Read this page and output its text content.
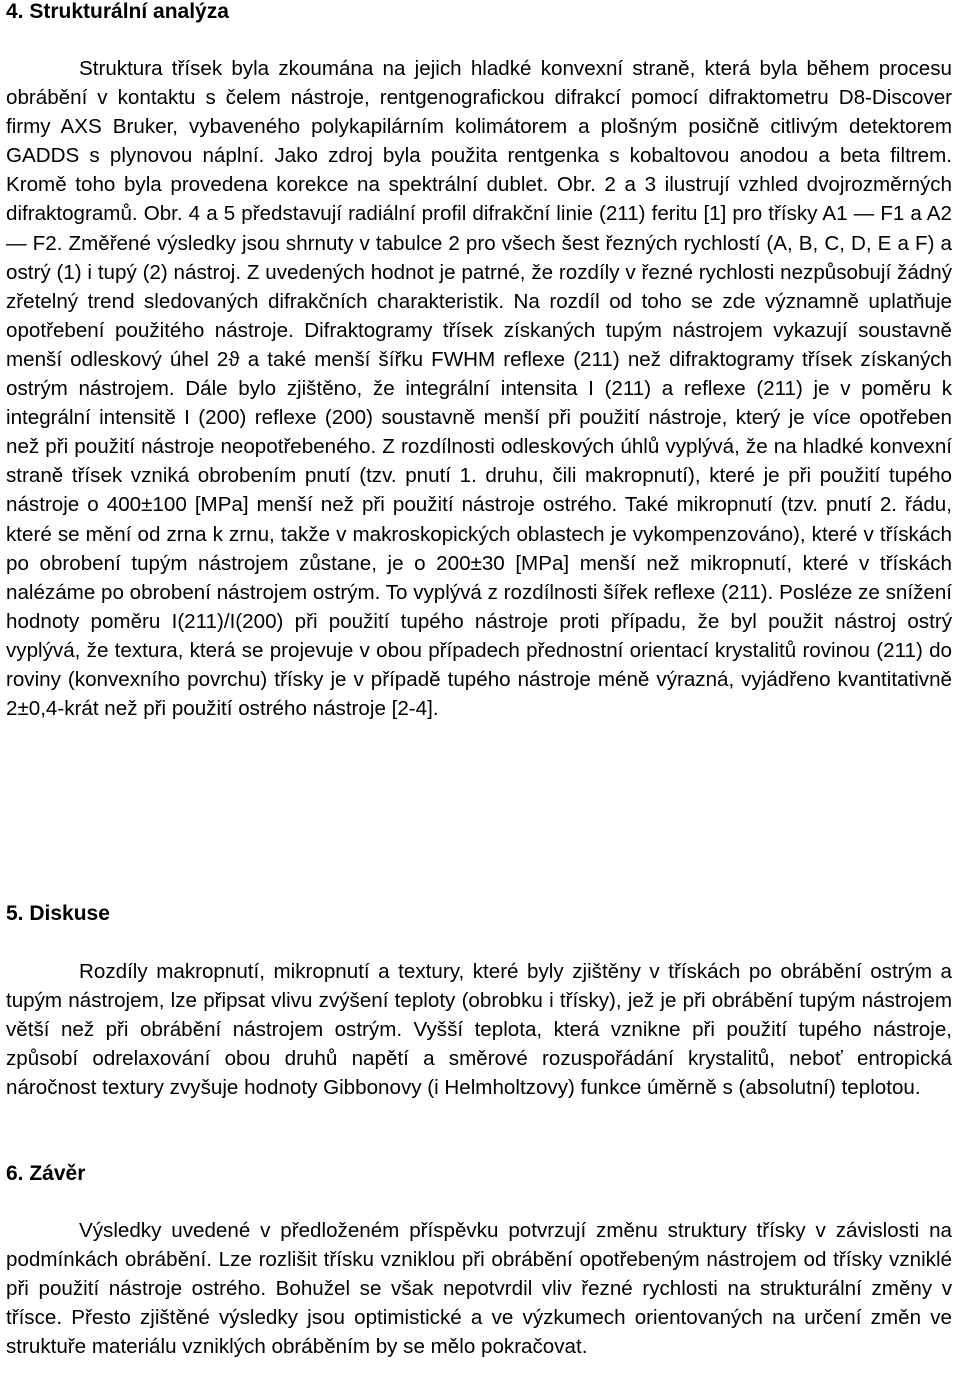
4. Strukturální analýza

Struktura třísek byla zkoumána na jejich hladké konvexní straně, která byla během procesu obrábění v kontaktu s čelem nástroje, rentgenografickou difrakcí pomocí difraktometru D8-Discover firmy AXS Bruker, vybaveného polykapilárním kolimátorem a plošným posičně citlivým detektorem GADDS s plynovou náplní. Jako zdroj byla použita rentgenka s kobaltovou anodou a beta filtrem. Kromě toho byla provedena korekce na spektrální dublet. Obr. 2 a 3 ilustrují vzhled dvojrozměrných difraktogramů. Obr. 4 a 5 představují radiální profil difrakční linie (211) feritu [1] pro třísky A1 — F1 a A2 — F2. Změřené výsledky jsou shrnuty v tabulce 2 pro všech šest řezných rychlostí (A, B, C, D, E a F) a ostrý (1) i tupý (2) nástroj. Z uvedených hodnot je patrné, že rozdíly v řezné rychlosti nezpůsobují žádný zřetelný trend sledovaných difrakčních charakteristik. Na rozdíl od toho se zde významně uplatňuje opotřebení použitého nástroje. Difraktogramy třísek získaných tupým nástrojem vykazují soustavně menší odleskový úhel 2ϑ a také menší šířku FWHM reflexe (211) než difraktogramy třísek získaných ostrým nástrojem. Dále bylo zjištěno, že integrální intensita I (211) a reflexe (211) je v poměru k integrální intensitě I (200) reflexe (200) soustavně menší při použití nástroje, který je více opotřeben než při použití nástroje neopotřebeného. Z rozdílnosti odleskových úhlů vyplývá, že na hladké konvexní straně třísek vzniká obrobením pnutí (tzv. pnutí 1. druhu, čili makropnutí), které je při použití tupého nástroje o 400±100 [MPa] menší než při použití nástroje ostrého. Také mikropnutí (tzv. pnutí 2. řádu, které se mění od zrna k zrnu, takže v makroskopických oblastech je vykompenzováno), které v třískách po obrobení tupým nástrojem zůstane, je o 200±30 [MPa] menší než mikropnutí, které v třískách nalézáme po obrobení nástrojem ostrým. To vyplývá z rozdílnosti šířek reflexe (211). Posléze ze snížení hodnoty poměru I(211)/I(200) při použití tupého nástroje proti případu, že byl použit nástroj ostrý vyplývá, že textura, která se projevuje v obou případech přednostní orientací krystalitů rovinou (211) do roviny (konvexního povrchu) třísky je v případě tupého nástroje méně výrazná, vyjádřeno kvantitativně 2±0,4-krát než při použití ostrého nástroje [2-4].

5. Diskuse

Rozdíly makropnutí, mikropnutí a textury, které byly zjištěny v třískách po obrábění ostrým a tupým nástrojem, lze připsat vlivu zvýšení teploty (obrobku i třísky), jež je při obrábění tupým nástrojem větší než při obrábění nástrojem ostrým. Vyšší teplota, která vznikne při použití tupého nástroje, způsobí odrelaxování obou druhů napětí a směrové rozuspořádání krystalitů, neboť entropická náročnost textury zvyšuje hodnoty Gibbonovy (i Helmholtzovy) funkce úměrně s (absolutní) teplotou.

6. Závěr

Výsledky uvedené v předloženém příspěvku potvrzují změnu struktury třísky v závislosti na podmínkách obrábění. Lze rozlišit třísku vzniklou při obrábění opotřebeným nástrojem od třísky vzniklé při použití nástroje ostrého. Bohužel se však nepotvrdil vliv řezné rychlosti na strukturální změny v třísce. Přesto zjištěné výsledky jsou optimistické a ve výzkumech orientovaných na určení změn ve struktuře materiálu vzniklých obráběním by se mělo pokračovat.
